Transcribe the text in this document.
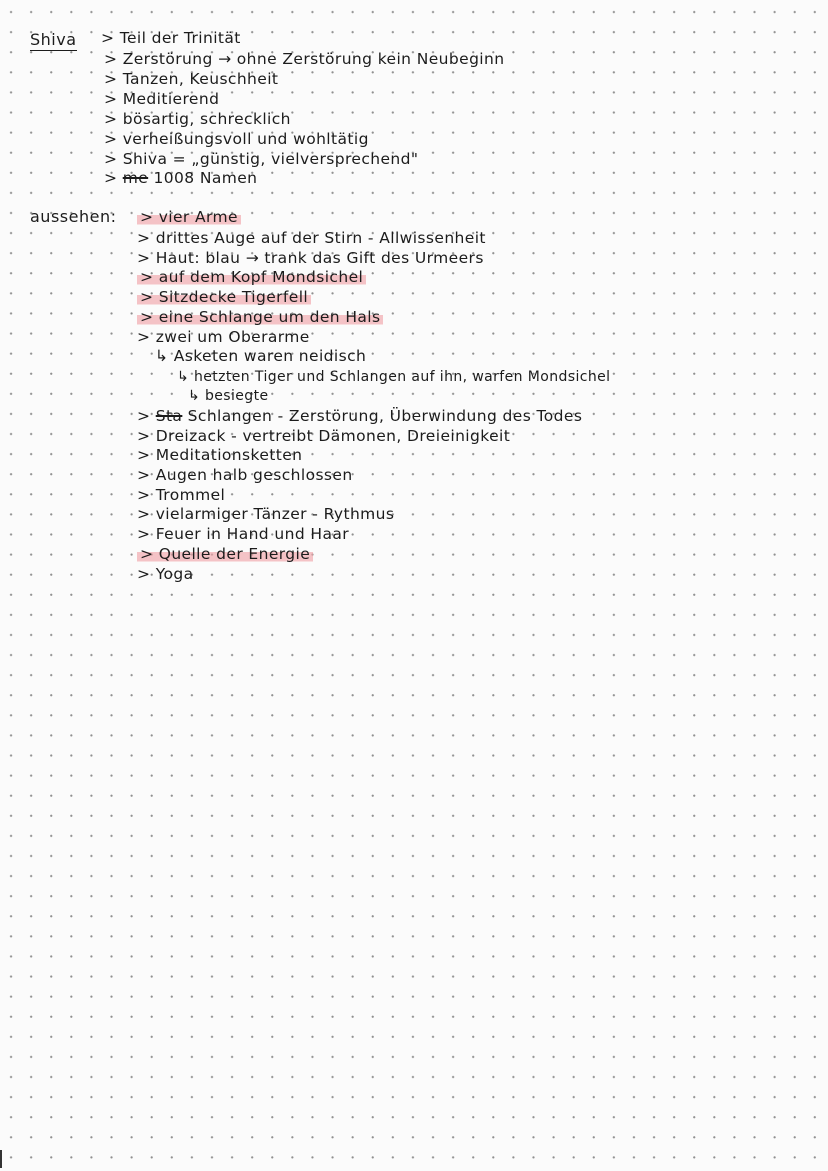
Shiva > Teil der Trinität
> Zerstörung → ohne Zerstörung kein Neubeginn
> Tanzen, Keuschheit
> Meditierend
> bösartig, schrecklich
> verheißungsvoll und wohltätig
> Shiva = „günstig, vielversprechend"
> me 1008 Namen
aussehen: > vier Arme
> drittes Auge auf der Stirn - Allwissenheit
> Haut: blau → trank das Gift des Urmeers
> auf dem Kopf Mondsichel
> Sitzdecke Tigerfell
> eine Schlange um den Hals
> zwei um Oberarme
↳ Asketen waren neidisch
↳ hetzten Tiger und Schlangen auf ihn, warfen Mondsichel
↳ besiegte
> Sta Schlangen - Zerstörung, Überwindung des Todes
> Dreizack - vertreibt Dämonen, Dreieinigkeit
> Meditationsketten
> Augen halb geschlossen
> Trommel
> vielarmiger Tänzer - Rythmus
> Feuer in Hand und Haar
> Quelle der Energie
> Yoga
